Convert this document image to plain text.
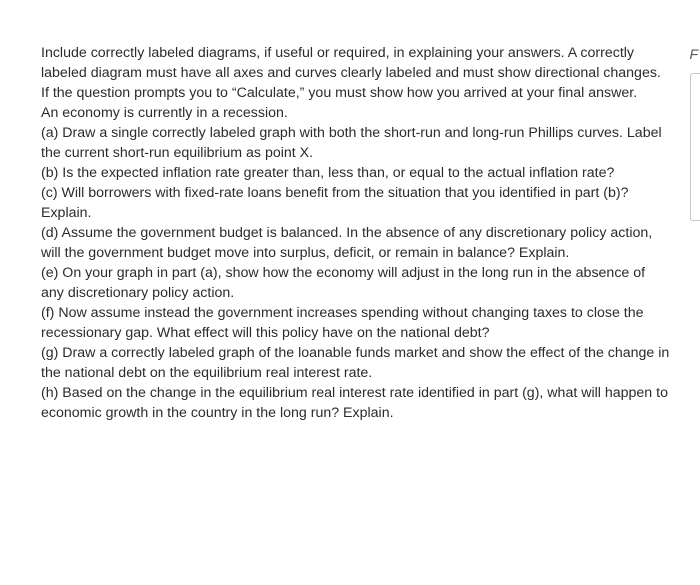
Include correctly labeled diagrams, if useful or required, in explaining your answers. A correctly labeled diagram must have all axes and curves clearly labeled and must show directional changes. If the question prompts you to “Calculate,” you must show how you arrived at your final answer.

An economy is currently in a recession.

(a) Draw a single correctly labeled graph with both the short-run and long-run Phillips curves. Label the current short-run equilibrium as point X.

(b) Is the expected inflation rate greater than, less than, or equal to the actual inflation rate?

(c) Will borrowers with fixed-rate loans benefit from the situation that you identified in part (b)? Explain.

(d) Assume the government budget is balanced. In the absence of any discretionary policy action, will the government budget move into surplus, deficit, or remain in balance? Explain.

(e) On your graph in part (a), show how the economy will adjust in the long run in the absence of any discretionary policy action.

(f) Now assume instead the government increases spending without changing taxes to close the recessionary gap. What effect will this policy have on the national debt?

(g) Draw a correctly labeled graph of the loanable funds market and show the effect of the change in the national debt on the equilibrium real interest rate.

(h) Based on the change in the equilibrium real interest rate identified in part (g), what will happen to economic growth in the country in the long run? Explain.

F
